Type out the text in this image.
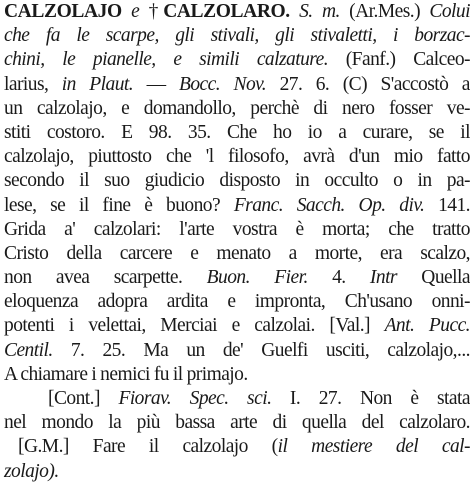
CALZOLAJO e †CALZOLARO. S. m. (Ar.Mes.) Colui
che fa le scarpe, gli stivali, gli stivaletti, i borzac-
chini, le pianelle, e simili calzature. (Fanf.) Calceo-
larius, in Plaut. — Bocc. Nov. 27. 6. (C) S'accostò a
un calzolajo, e domandollo, perchè di nero fosser ve-
stiti costoro. E 98. 35. Che ho io a curare, se il
calzolajo, piuttosto che 'l filosofo, avrà d'un mio fatto
secondo il suo giudicio disposto in occulto o in pa-
lese, se il fine è buono? Franc. Sacch. Op. div. 141.
Grida a' calzolari: l'arte vostra è morta; che tratto
Cristo della carcere e menato a morte, era scalzo,
non avea scarpette. Buon. Fier. 4. Intr Quella
eloquenza adopra ardita e impronta, Ch'usano onni-
potenti i velettai, Merciai e calzolai. [Val.] Ant. Pucc.
Centil. 7. 25. Ma un de' Guelfi usciti, calzolajo,...
A chiamare i nemici fu il primajo.
[Cont.] Fiorav. Spec. sci. I. 27. Non è stata
nel mondo la più bassa arte di quella del calzolaro.
[G.M.] Fare il calzolajo (il mestiere del cal-
zolajo).
